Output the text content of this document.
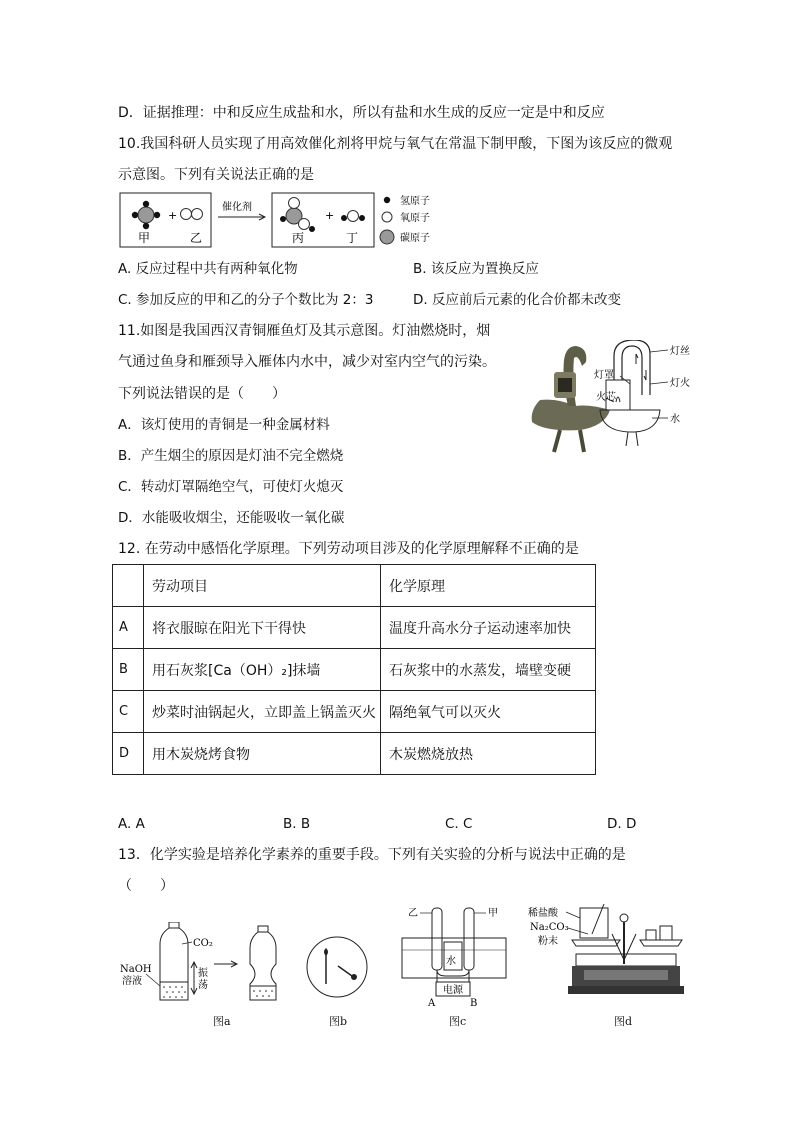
D．证据推理：中和反应生成盐和水，所以有盐和水生成的反应一定是中和反应
10.我国科研人员实现了用高效催化剂将甲烷与氧气在常温下制甲酸，下图为该反应的微观
示意图。下列有关说法正确的是
+
甲	乙
催化剂
+
丙	丁
氢原子
氧原子
碳原子
A. 反应过程中共有两种氧化物	B. 该反应为置换反应
C. 参加反应的甲和乙的分子个数比为 2：3	D. 反应前后元素的化合价都未改变
11.如图是我国西汉青铜雁鱼灯及其示意图。灯油燃烧时，烟
气通过鱼身和雁颈导入雁体内水中，减少对室内空气的污染。
下列说法错误的是（　　）
A．该灯使用的青铜是一种金属材料
B．产生烟尘的原因是灯油不完全燃烧
C．转动灯罩隔绝空气，可使灯火熄灭
D．水能吸收烟尘，还能吸收一氧化碳
灯丝
灯罩
灯火
火芯
水
12. 在劳动中感悟化学原理。下列劳动项目涉及的化学原理解释不正确的是
	劳动项目	化学原理
A	将衣服晾在阳光下干得快	温度升高水分子运动速率加快
B	用石灰浆[Ca（OH）₂]抹墙	石灰浆中的水蒸发，墙壁变硬
C	炒菜时油锅起火，立即盖上锅盖灭火	隔绝氧气可以灭火
D	用木炭烧烤食物	木炭燃烧放热
A. A	B. B	C. C	D. D
13．化学实验是培养化学素养的重要手段。下列有关实验的分析与说法中正确的是
（　　）
CO₂
NaOH
溶液
振
荡
图a	图b
乙	甲
水
电源
A	B
图c
稀盐酸
Na₂CO₃
粉末
图d
